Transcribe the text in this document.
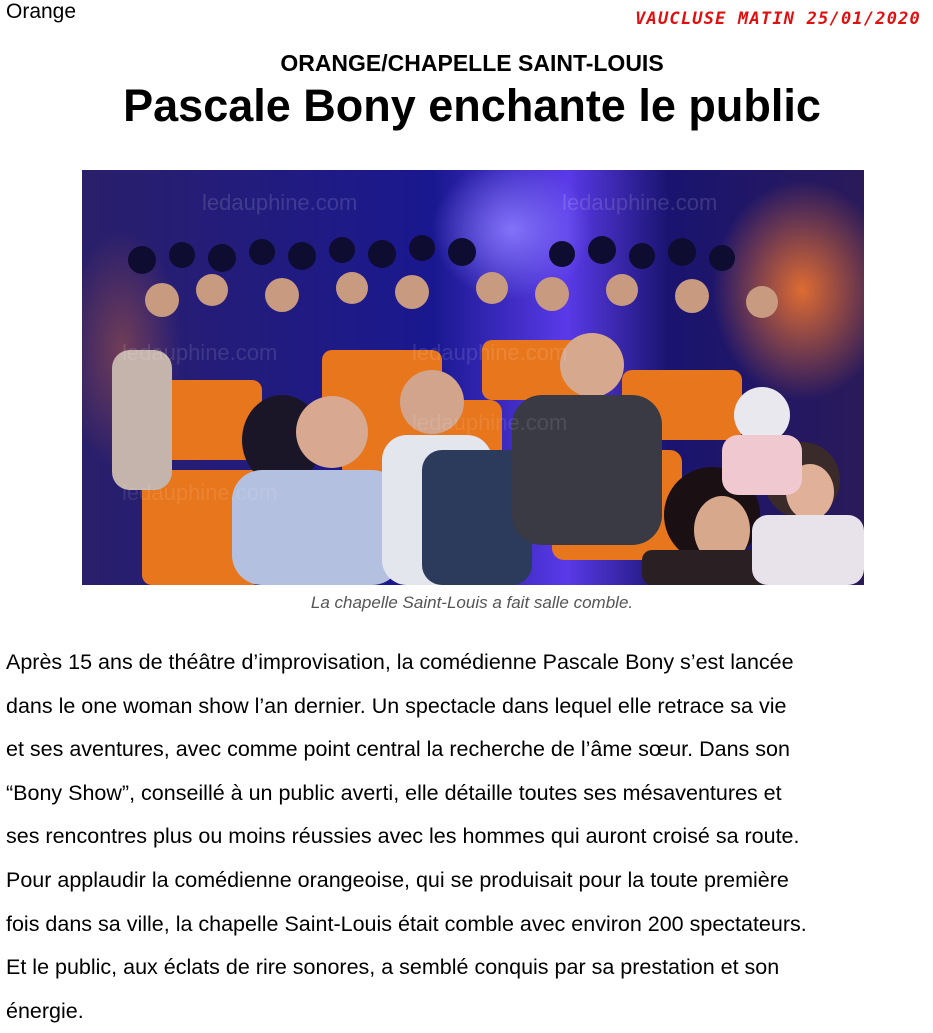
Orange	VAUCLUSE MATIN 25/01/2020
ORANGE/CHAPELLE SAINT-LOUIS
Pascale Bony enchante le public
ledauphine.com	ledauphine.com
ledauphine.com	ledauphine.com
ledauphine.com
ledauphine.com
La chapelle Saint-Louis a fait salle comble.
Après 15 ans de théâtre d’improvisation, la comédienne Pascale Bony s’est lancée
dans le one woman show l’an dernier. Un spectacle dans lequel elle retrace sa vie
et ses aventures, avec comme point central la recherche de l’âme sœur. Dans son
“Bony Show”, conseillé à un public averti, elle détaille toutes ses mésaventures et
ses rencontres plus ou moins réussies avec les hommes qui auront croisé sa route.
Pour applaudir la comédienne orangeoise, qui se produisait pour la toute première
fois dans sa ville, la chapelle Saint-Louis était comble avec environ 200 spectateurs.
Et le public, aux éclats de rire sonores, a semblé conquis par sa prestation et son
énergie.
